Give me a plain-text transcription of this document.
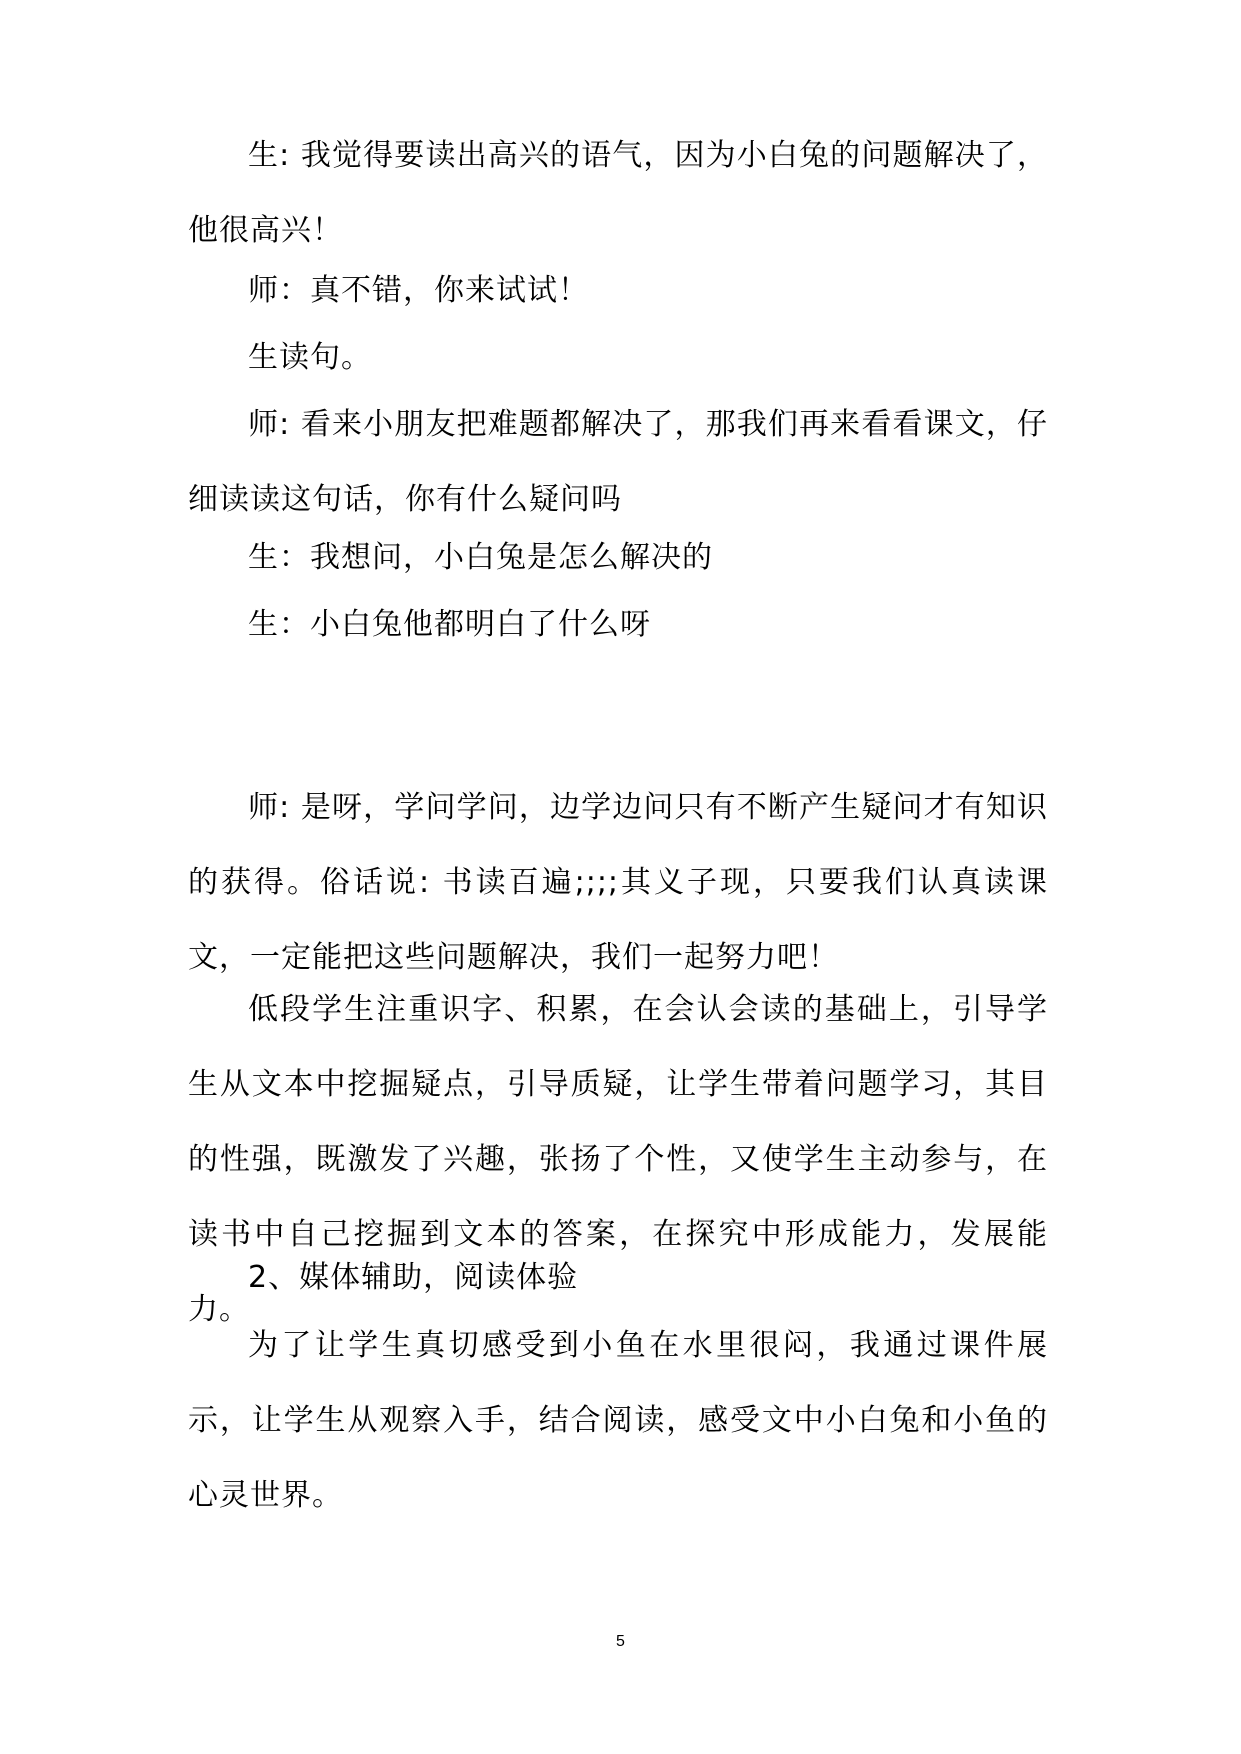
生: 我觉得要读出高兴的语气，因为小白兔的问题解决了，他很高兴！

师：真不错，你来试试！

生读句。

师: 看来小朋友把难题都解决了，那我们再来看看课文，仔细读读这句话，你有什么疑问吗

生：我想问，小白兔是怎么解决的

生：小白兔他都明白了什么呀

师: 是呀，学问学问，边学边问只有不断产生疑问才有知识的获得。俗话说: 书读百遍;;;;其义子现，只要我们认真读课文，一定能把这些问题解决，我们一起努力吧！

低段学生注重识字、积累，在会认会读的基础上，引导学生从文本中挖掘疑点，引导质疑，让学生带着问题学习，其目的性强，既激发了兴趣，张扬了个性，又使学生主动参与，在读书中自己挖掘到文本的答案，在探究中形成能力，发展能力。

2、媒体辅助，阅读体验

为了让学生真切感受到小鱼在水里很闷，我通过课件展示，让学生从观察入手，结合阅读，感受文中小白兔和小鱼的心灵世界。

5
